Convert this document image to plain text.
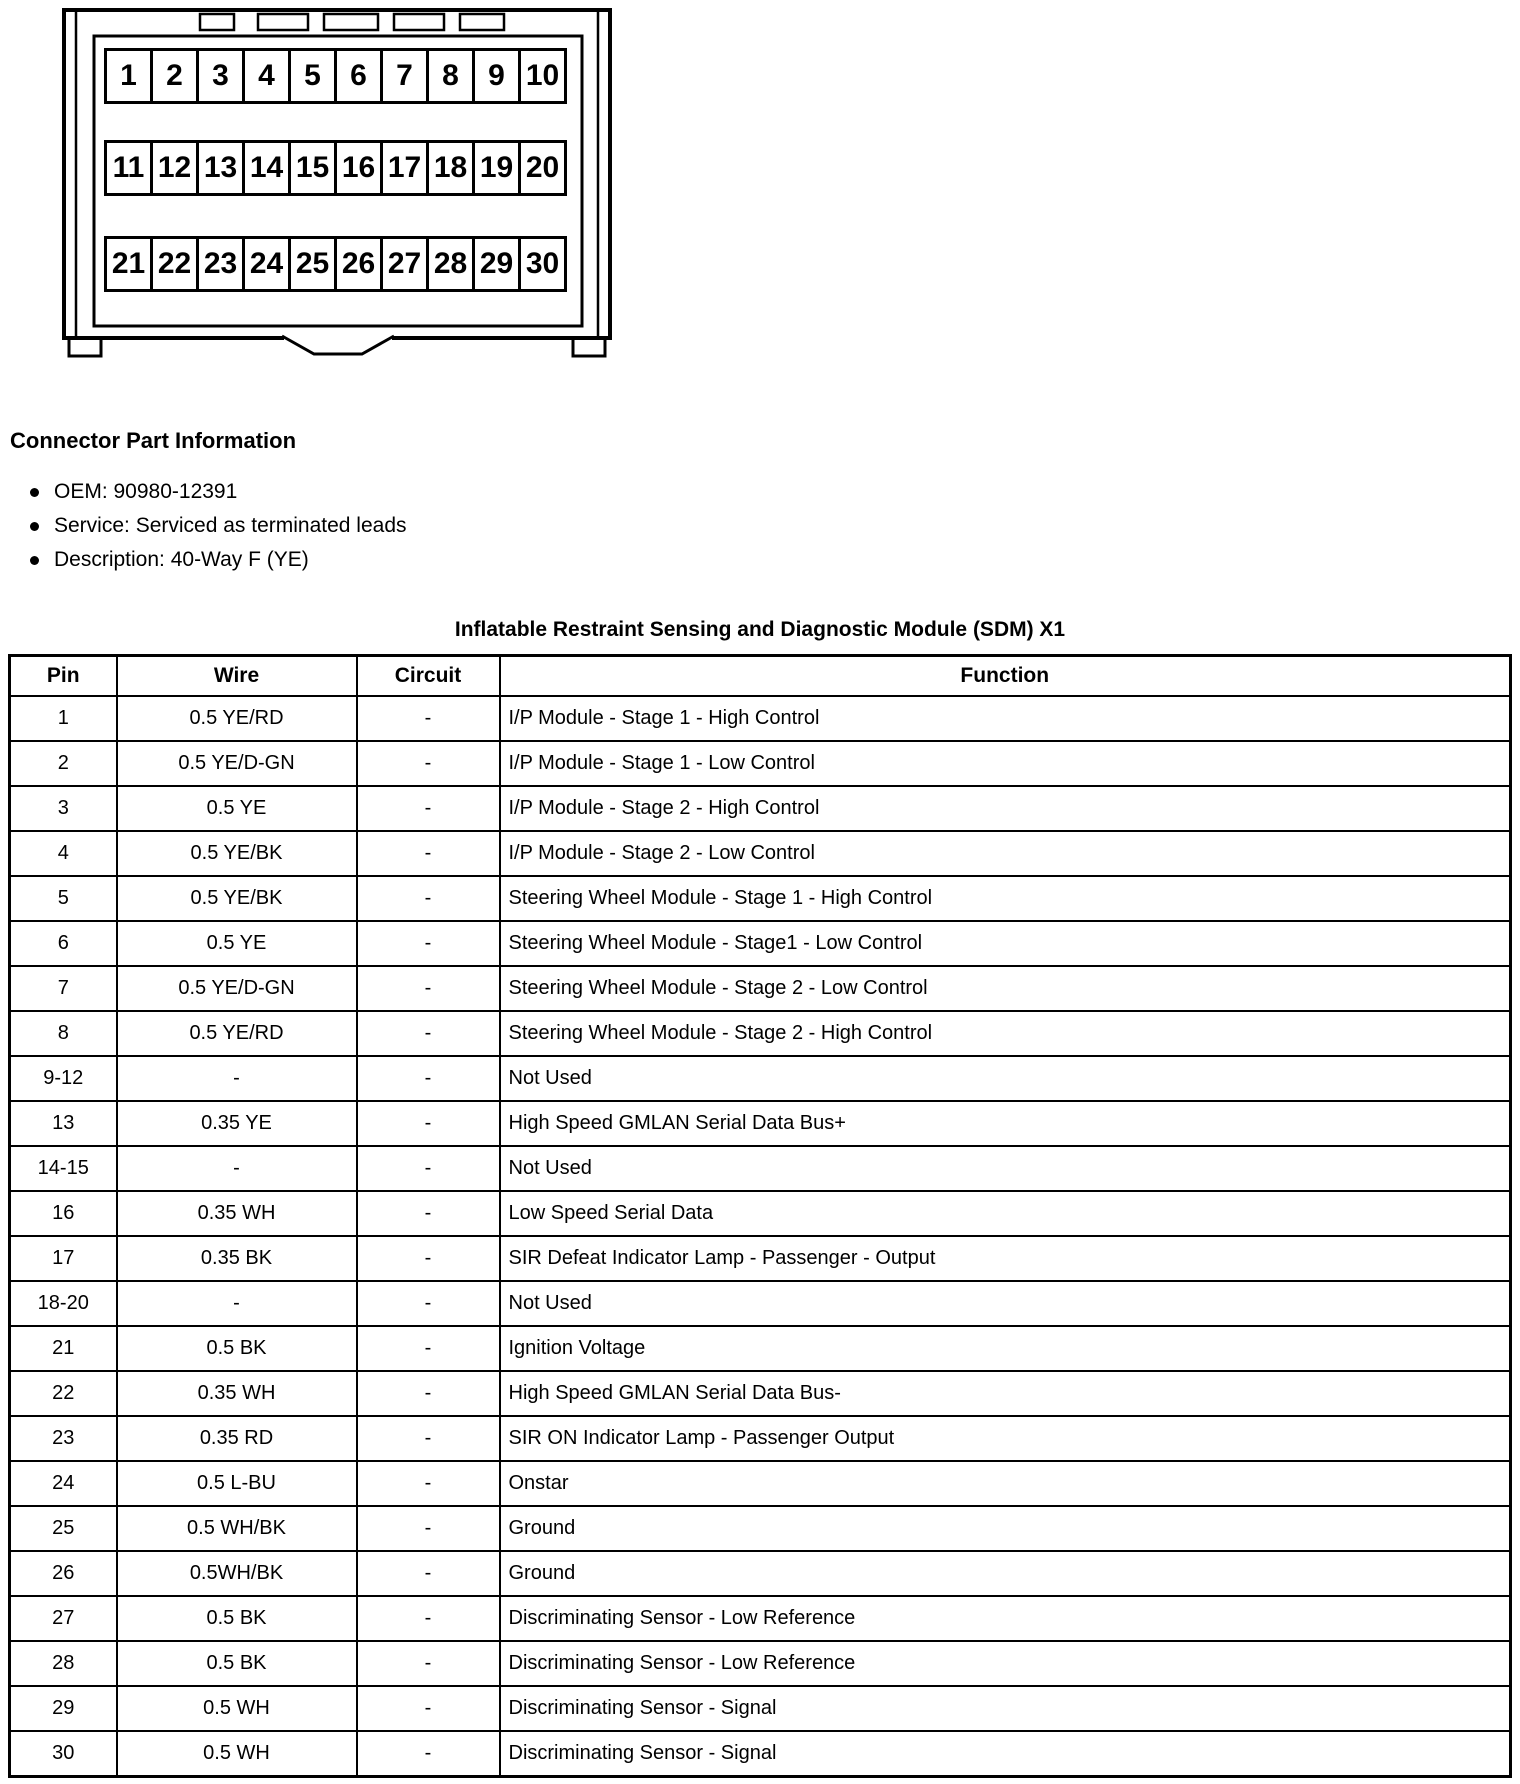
1 2 3 4 5 6 7 8 9 10
11 12 13 14 15 16 17 18 19 20
21 22 23 24 25 26 27 28 29 30
Connector Part Information
OEM: 90980-12391
Service: Serviced as terminated leads
Description: 40-Way F (YE)
Inflatable Restraint Sensing and Diagnostic Module (SDM) X1
Pin	Wire	Circuit	Function
1	0.5 YE/RD	-	I/P Module - Stage 1 - High Control
2	0.5 YE/D-GN	-	I/P Module - Stage 1 - Low Control
3	0.5 YE	-	I/P Module - Stage 2 - High Control
4	0.5 YE/BK	-	I/P Module - Stage 2 - Low Control
5	0.5 YE/BK	-	Steering Wheel Module - Stage 1 - High Control
6	0.5 YE	-	Steering Wheel Module - Stage1 - Low Control
7	0.5 YE/D-GN	-	Steering Wheel Module - Stage 2 - Low Control
8	0.5 YE/RD	-	Steering Wheel Module - Stage 2 - High Control
9-12	-	-	Not Used
13	0.35 YE	-	High Speed GMLAN Serial Data Bus+
14-15	-	-	Not Used
16	0.35 WH	-	Low Speed Serial Data
17	0.35 BK	-	SIR Defeat Indicator Lamp - Passenger - Output
18-20	-	-	Not Used
21	0.5 BK	-	Ignition Voltage
22	0.35 WH	-	High Speed GMLAN Serial Data Bus-
23	0.35 RD	-	SIR ON Indicator Lamp - Passenger Output
24	0.5 L-BU	-	Onstar
25	0.5 WH/BK	-	Ground
26	0.5WH/BK	-	Ground
27	0.5 BK	-	Discriminating Sensor - Low Reference
28	0.5 BK	-	Discriminating Sensor - Low Reference
29	0.5 WH	-	Discriminating Sensor - Signal
30	0.5 WH	-	Discriminating Sensor - Signal
